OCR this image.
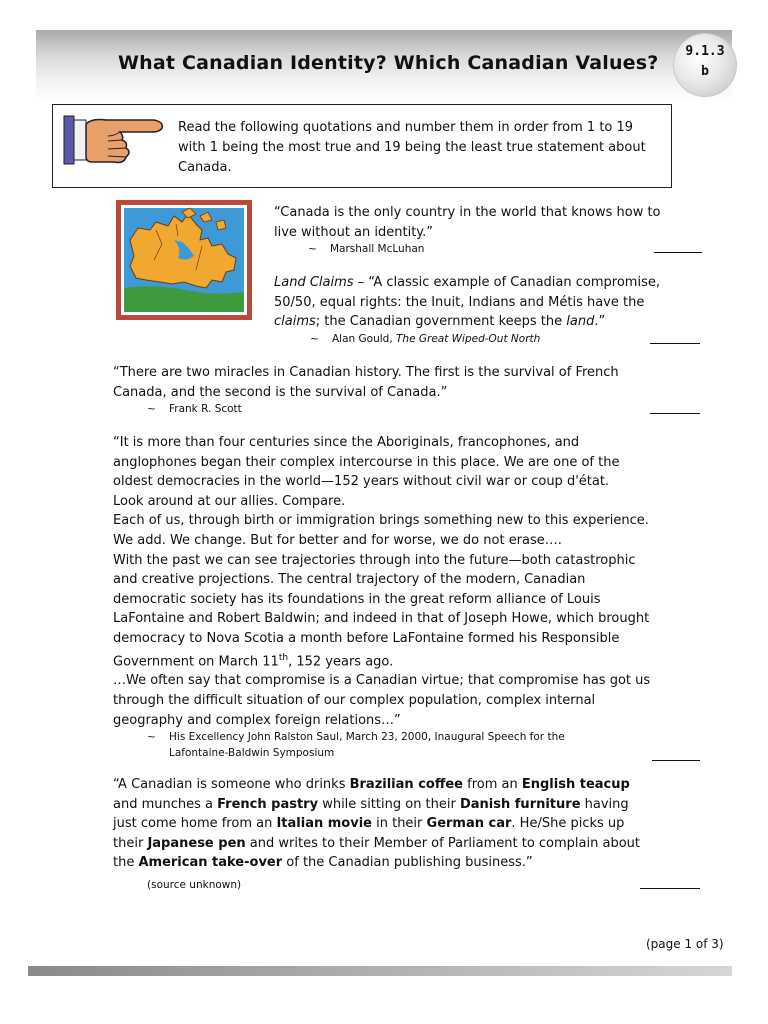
What Canadian Identity? Which Canadian Values?
9.1.3
b
Read the following quotations and number them in order from 1 to 19 with 1 being the most true and 19 being the least true statement about Canada.
“Canada is the only country in the world that knows how to live without an identity.”
~ Marshall McLuhan
Land Claims – “A classic example of Canadian compromise, 50/50, equal rights: the Inuit, Indians and Métis have the claims; the Canadian government keeps the land.”
~ Alan Gould, The Great Wiped-Out North
“There are two miracles in Canadian history. The first is the survival of French Canada, and the second is the survival of Canada.”
~ Frank R. Scott
“It is more than four centuries since the Aboriginals, francophones, and
anglophones began their complex intercourse in this place. We are one of the
oldest democracies in the world—152 years without civil war or coup d'état.
Look around at our allies. Compare.
Each of us, through birth or immigration brings something new to this experience.
We add. We change. But for better and for worse, we do not erase….
With the past we can see trajectories through into the future—both catastrophic
and creative projections. The central trajectory of the modern, Canadian
democratic society has its foundations in the great reform alliance of Louis
LaFontaine and Robert Baldwin; and indeed in that of Joseph Howe, which brought
democracy to Nova Scotia a month before LaFontaine formed his Responsible
Government on March 11th, 152 years ago.
…We often say that compromise is a Canadian virtue; that compromise has got us
through the difficult situation of our complex population, complex internal
geography and complex foreign relations…”
~ His Excellency John Ralston Saul, March 23, 2000, Inaugural Speech for the
Lafontaine-Baldwin Symposium
“A Canadian is someone who drinks Brazilian coffee from an English teacup and munches a French pastry while sitting on their Danish furniture having just come home from an Italian movie in their German car. He/She picks up their Japanese pen and writes to their Member of Parliament to complain about the American take-over of the Canadian publishing business.”
(source unknown)
(page 1 of 3)
